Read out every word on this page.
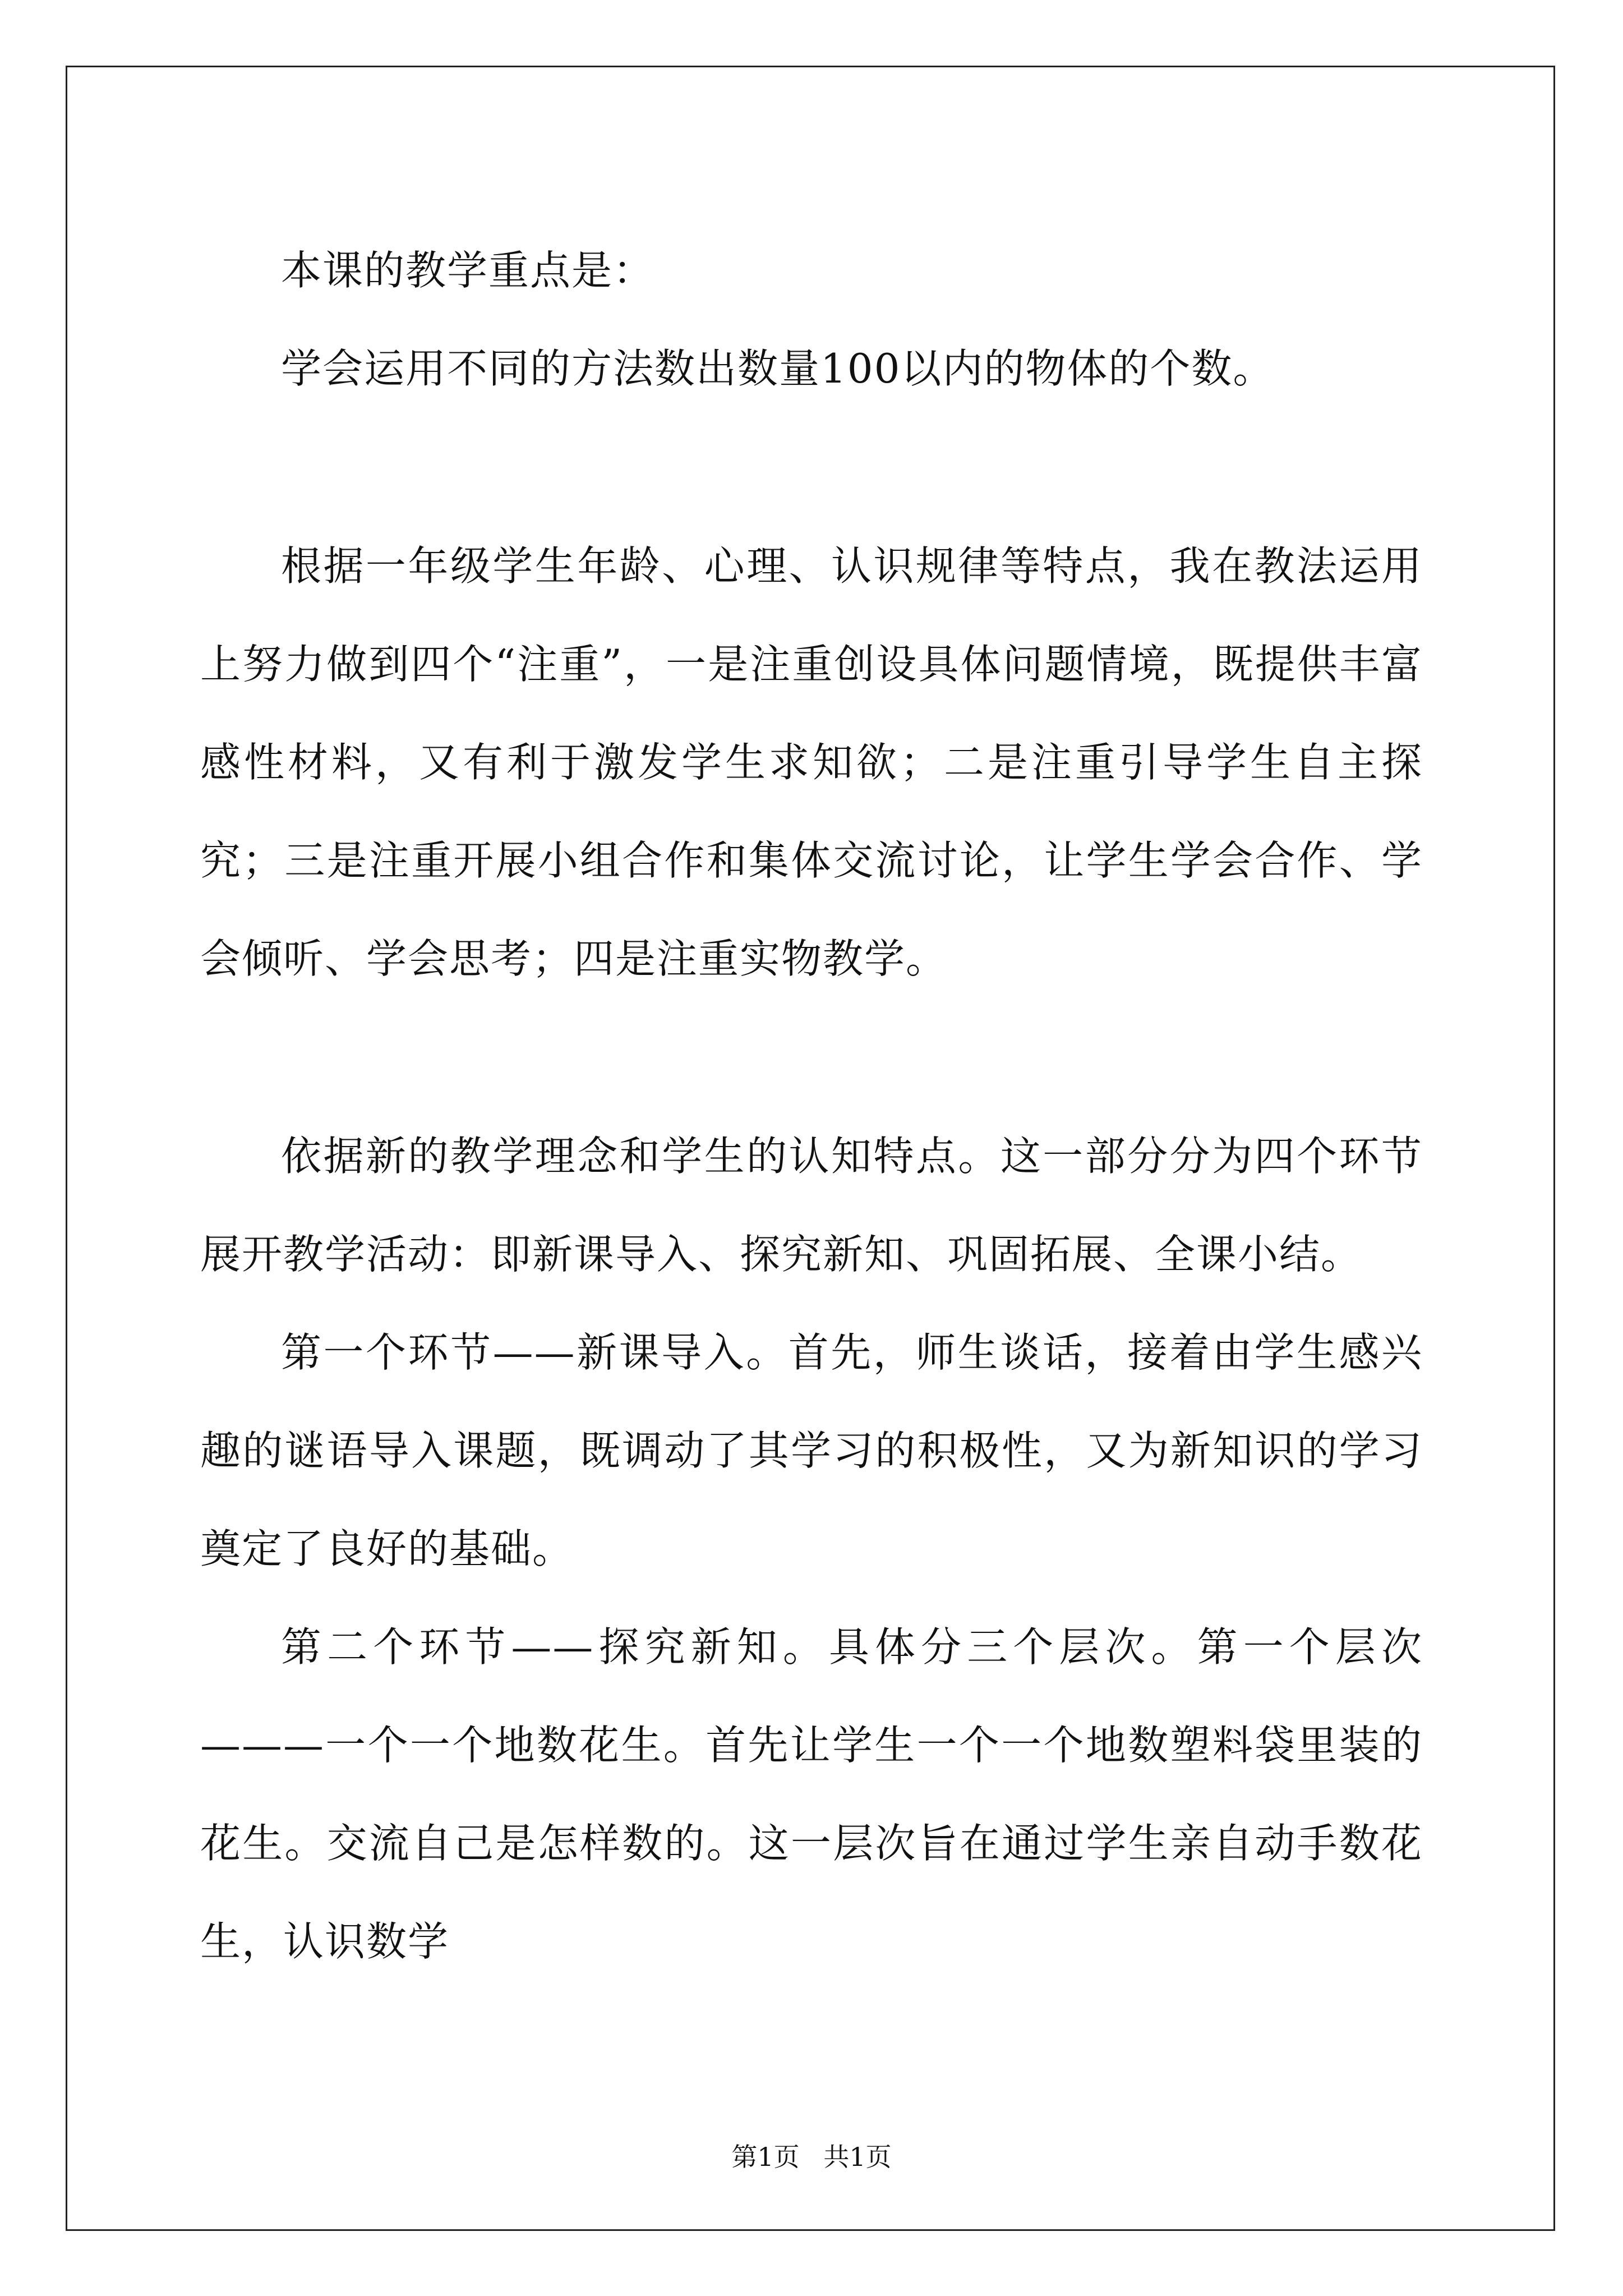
本课的教学重点是：

学会运用不同的方法数出数量100以内的物体的个数。

根据一年级学生年龄、心理、认识规律等特点，我在教法运用上努力做到四个“注重”，一是注重创设具体问题情境，既提供丰富感性材料，又有利于激发学生求知欲；二是注重引导学生自主探究；三是注重开展小组合作和集体交流讨论，让学生学会合作、学会倾听、学会思考；四是注重实物教学。

依据新的教学理念和学生的认知特点。这一部分分为四个环节展开教学活动：即新课导入、探究新知、巩固拓展、全课小结。

第一个环节——新课导入。首先，师生谈话，接着由学生感兴趣的谜语导入课题，既调动了其学习的积极性，又为新知识的学习奠定了良好的基础。

第二个环节——探究新知。具体分三个层次。第一个层次———一个一个地数花生。首先让学生一个一个地数塑料袋里装的花生。交流自己是怎样数的。这一层次旨在通过学生亲自动手数花生，认识数学

第1页 共1页
